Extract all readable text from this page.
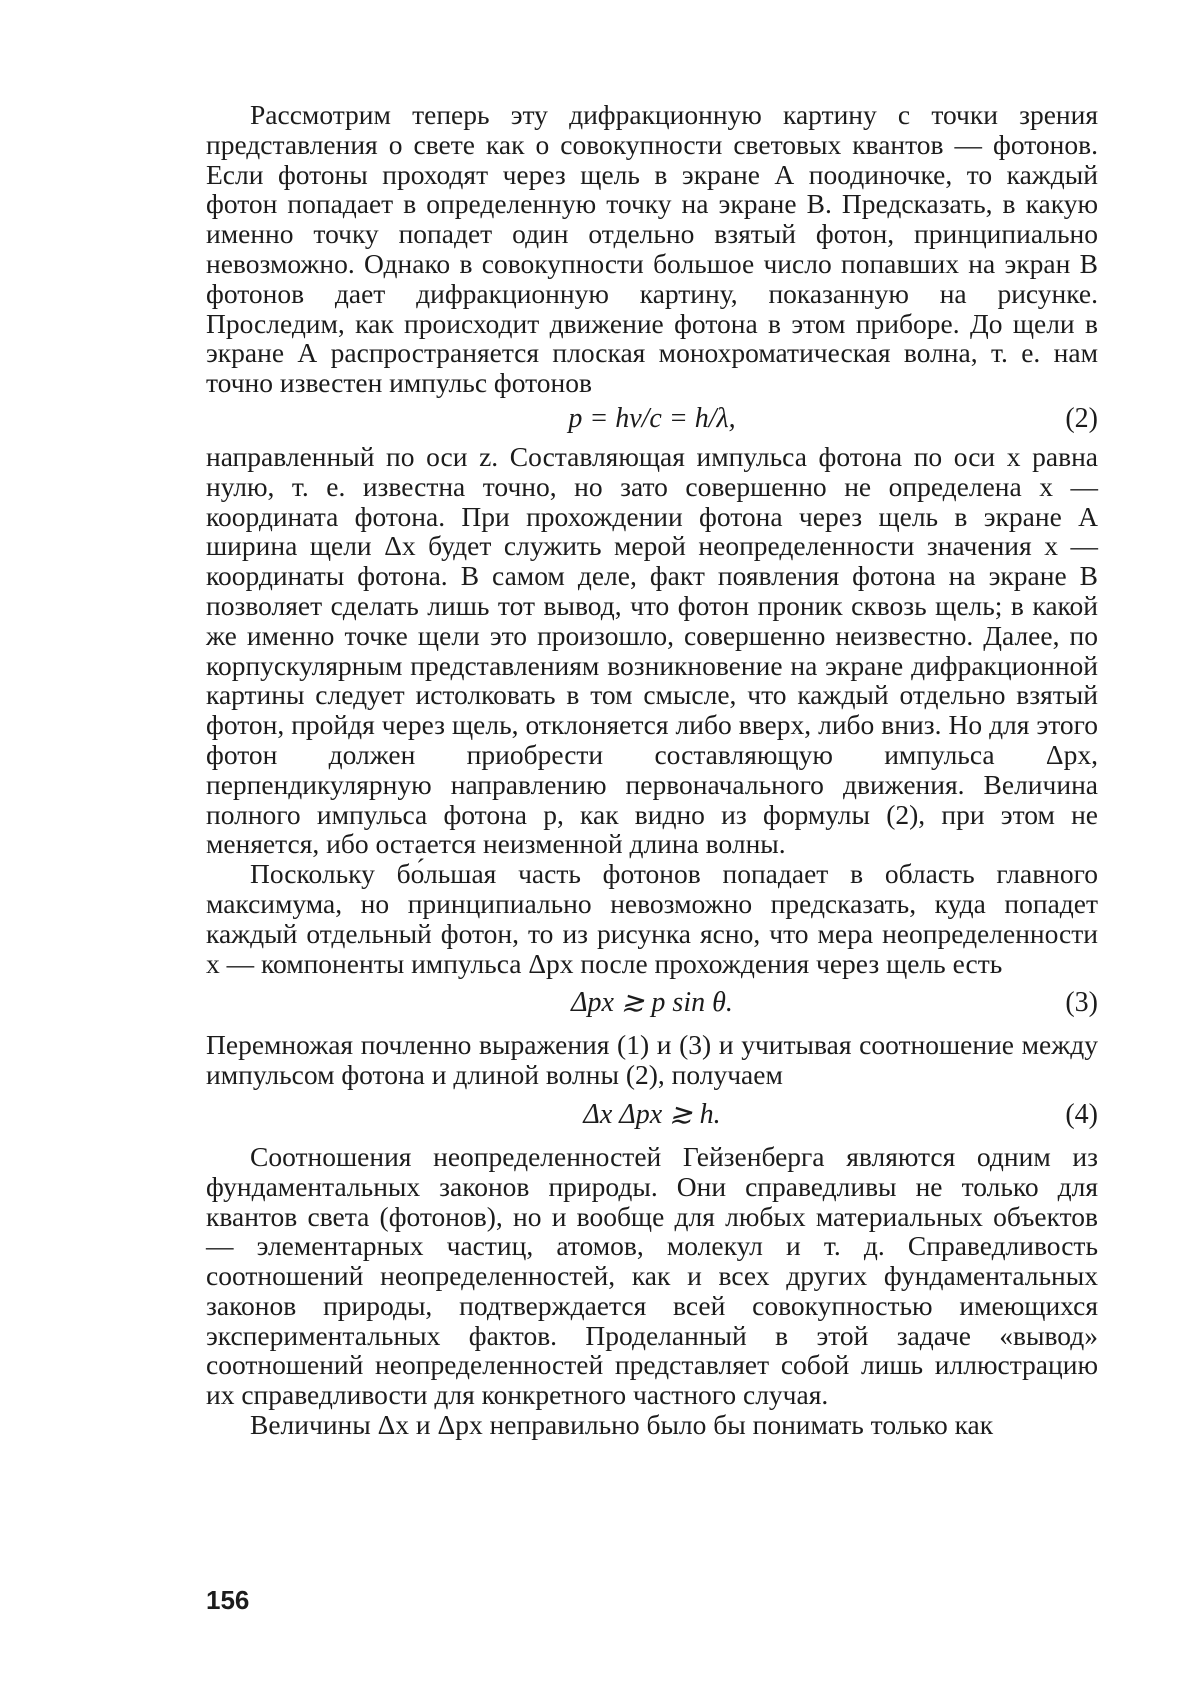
Рассмотрим теперь эту дифракционную картину с точки зрения представления о свете как о совокупности световых квантов — фотонов. Если фотоны проходят через щель в экране А поодиночке, то каждый фотон попадает в определенную точку на экране В. Предсказать, в какую именно точку попадет один отдельно взятый фотон, принципиально невозможно. Однако в совокупности большое число попавших на экран В фотонов дает дифракционную картину, показанную на рисунке. Проследим, как происходит движение фотона в этом приборе. До щели в экране А распространяется плоская монохроматическая волна, т. е. нам точно известен импульс фотонов

p = hν/c = h/λ,	(2)

направленный по оси z. Составляющая импульса фотона по оси x равна нулю, т. е. известна точно, но зато совершенно не определена x — координата фотона. При прохождении фотона через щель в экране А ширина щели Δx будет служить мерой неопределенности значения x — координаты фотона. В самом деле, факт появления фотона на экране В позволяет сделать лишь тот вывод, что фотон проник сквозь щель; в какой же именно точке щели это произошло, совершенно неизвестно. Далее, по корпускулярным представлениям возникновение на экране дифракционной картины следует истолковать в том смысле, что каждый отдельно взятый фотон, пройдя через щель, отклоняется либо вверх, либо вниз. Но для этого фотон должен приобрести составляющую импульса Δpx, перпендикулярную направлению первоначального движения. Величина полного импульса фотона p, как видно из формулы (2), при этом не меняется, ибо остается неизменной длина волны.

Поскольку бо́льшая часть фотонов попадает в область главного максимума, но принципиально невозможно предсказать, куда попадет каждый отдельный фотон, то из рисунка ясно, что мера неопределенности x — компоненты импульса Δpx после прохождения через щель есть

Δpx ≳ p sin θ.	(3)

Перемножая почленно выражения (1) и (3) и учитывая соотношение между импульсом фотона и длиной волны (2), получаем

Δx Δpx ≳ h.	(4)

Соотношения неопределенностей Гейзенберга являются одним из фундаментальных законов природы. Они справедливы не только для квантов света (фотонов), но и вообще для любых материальных объектов — элементарных частиц, атомов, молекул и т. д. Справедливость соотношений неопределенностей, как и всех других фундаментальных законов природы, подтверждается всей совокупностью имеющихся экспериментальных фактов. Проделанный в этой задаче «вывод» соотношений неопределенностей представляет собой лишь иллюстрацию их справедливости для конкретного частного случая.

Величины Δx и Δpx неправильно было бы понимать только как

156
